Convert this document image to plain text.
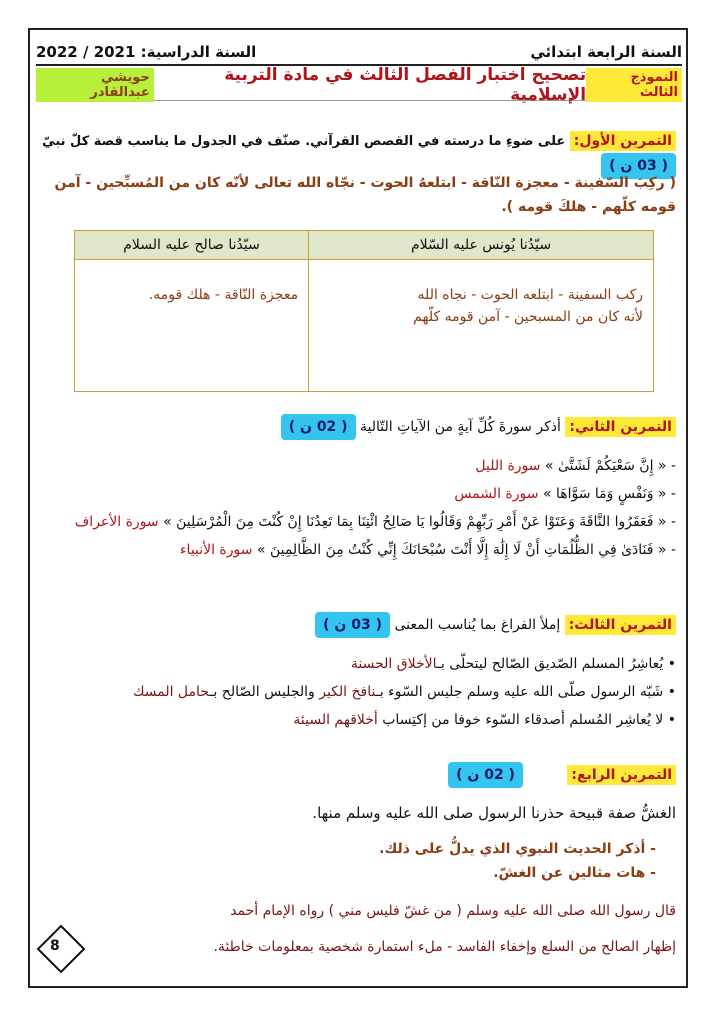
السنة الدراسية: 2021 / 2022	السنة الرابعة ابتدائي
حويشي عبدالقادر
تصحيح اختبار الفصل الثالث في مادة التربية الإسلامية
النموذج الثالث
التمرين الأول: على ضوءِ ما درسته في القصص القرآني. صنّف في الجدول ما يناسب قصة كلّ نبيّ ( 03 ن )
( ركِبَ السّفينة - معجزة النّاقة - ابتلعهُ الحوت - نجّاه الله تعالى لأنّه كان من المُسبِّحين - آمن
قومه كلّهم - هلكَ قومه ).
سيّدُنا يُونس عليه السّلام	سيّدُنا صالح عليه السلام

ركب السفينة - ابتلعه الحوت - نجاه الله
لأنه كان من المسبحين - آمن قومه كلّهم	معجزة النّاقة - هلك قومه.
التمرين الثاني: أذكر سورةَ كُلِّ آيةٍ من الآياتِ التّالية ( 02 ن )
- « إِنَّ سَعْيَكُمْ لَشَتَّىٰ » سورة الليل
- « وَنَفْسٍ وَمَا سَوَّاهَا » سورة الشمس
- « فَعَقَرُوا النَّاقَةَ وَعَتَوْا عَنْ أَمْرِ رَبِّهِمْ وَقَالُوا يَا صَالِحُ ائْتِنَا بِمَا تَعِدُنَا إِنْ كُنْتَ مِنَ الْمُرْسَلِينَ » سورة الأعراف
- « فَنَادَىٰ فِي الظُّلُمَاتِ أَنْ لَا إِلَٰهَ إِلَّا أَنْتَ سُبْحَانَكَ إِنِّي كُنْتُ مِنَ الظَّالِمِينَ » سورة الأنبياء
التمرين الثالث: إملأ الفراغ بما يُناسب المعنى ( 03 ن )
• يُعاشِرُ المسلم الصّديق الصّالح ليتحلّى بـالأخلاق الحسنة
• شَبّه الرسول صلّى الله عليه وسلم جليس السّوء بـنافخ الكير والجليس الصّالح بـحامل المسك
• لا يُعاشِر المُسلم أصدقاء السّوء خوفا من إكتِساب أخلاقهم السيئة
التمرين الرابع: ( 02 ن )
الغشُّ صفة قبيحة حذرنا الرسول صلى الله عليه وسلم منها.
- أذكر الحديث النبوي الذي يدلُّ على ذلك.
- هات مثالين عن الغشّ.
قال رسول الله صلى الله عليه وسلم ( من غشّ فليس مني ) رواه الإمام أحمد
إظهار الصالح من السلع وإخفاء الفاسد - ملء استمارة شخصية بمعلومات خاطئة.
8
